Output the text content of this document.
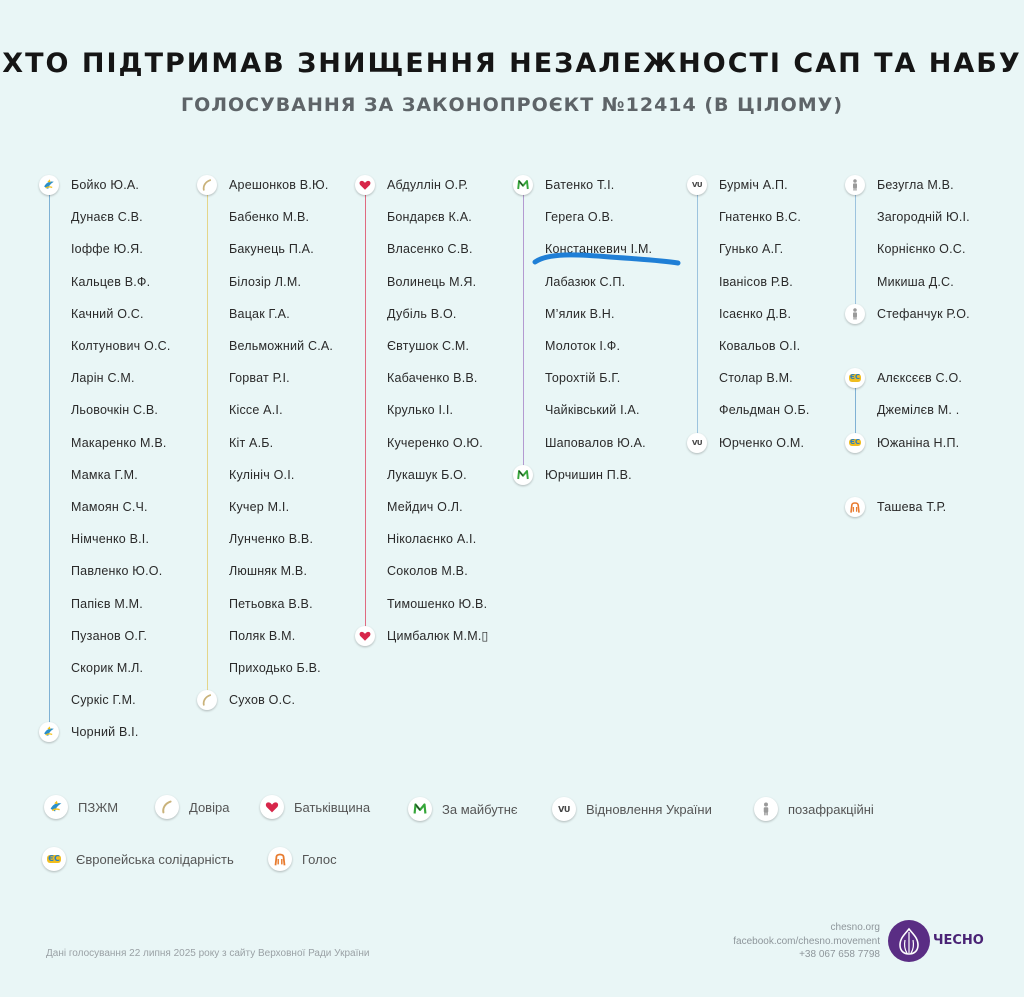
ХТО ПІДТРИМАВ ЗНИЩЕННЯ НЕЗАЛЕЖНОСТІ САП ТА НАБУ
ГОЛОСУВАННЯ ЗА ЗАКОНОПРОЄКТ №12414 (В ЦІЛОМУ)
Бойко Ю.А.
Дунаєв С.В.
Іоффе Ю.Я.
Кальцев В.Ф.
Качний О.С.
Колтунович О.С.
Ларін С.М.
Льовочкін С.В.
Макаренко М.В.
Мамка Г.М.
Мамоян С.Ч.
Німченко В.І.
Павленко Ю.О.
Папієв М.М.
Пузанов О.Г.
Скорик М.Л.
Суркіс Г.М.
Чорний В.І.
Арешонков В.Ю.
Бабенко М.В.
Бакунець П.А.
Білозір Л.М.
Вацак Г.А.
Вельможний С.А.
Горват Р.І.
Кіссе А.І.
Кіт А.Б.
Кулініч О.І.
Кучер М.І.
Лунченко В.В.
Люшняк М.В.
Петьовка В.В.
Поляк В.М.
Приходько Б.В.
Сухов О.С.
Абдуллін О.Р.
Бондарєв К.А.
Власенко С.В.
Волинець М.Я.
Дубіль В.О.
Євтушок С.М.
Кабаченко В.В.
Крулько І.І.
Кучеренко О.Ю.
Лукашук Б.О.
Мейдич О.Л.
Ніколаєнко А.І.
Соколов М.В.
Тимошенко Ю.В.
Цимбалюк М.М.▯
Батенко Т.І.
Герега О.В.
Констанкевич І.М.
Лабазюк С.П.
М’ялик В.Н.
Молоток І.Ф.
Торохтій Б.Г.
Чайківський І.А.
Шаповалов Ю.А.
Юрчишин П.В.
Бурміч А.П.
Гнатенко В.С.
Гунько А.Г.
Іванісов Р.В.
Ісаєнко Д.В.
Ковальов О.І.
Столар В.М.
Фельдман О.Б.
Юрченко О.М.
VU
VU
Безугла М.В.
Загородній Ю.І.
Корнієнко О.С.
Микиша Д.С.
Стефанчук Р.О.
Алєксєєв С.О.
Джемілєв М. .
Южаніна Н.П.
ЄС
ЄС
Ташева Т.Р.
ПЗЖМ	Довіра	Батьківщина	За майбутнє	VU Відновлення України	позафракційні
ЄС Європейська солідарність	Голос
Дані голосування 22 липня 2025 року з сайту Верховної Ради України
chesno.org
facebook.com/chesno.movement
+38 067 658 7798
ЧЕСНО
